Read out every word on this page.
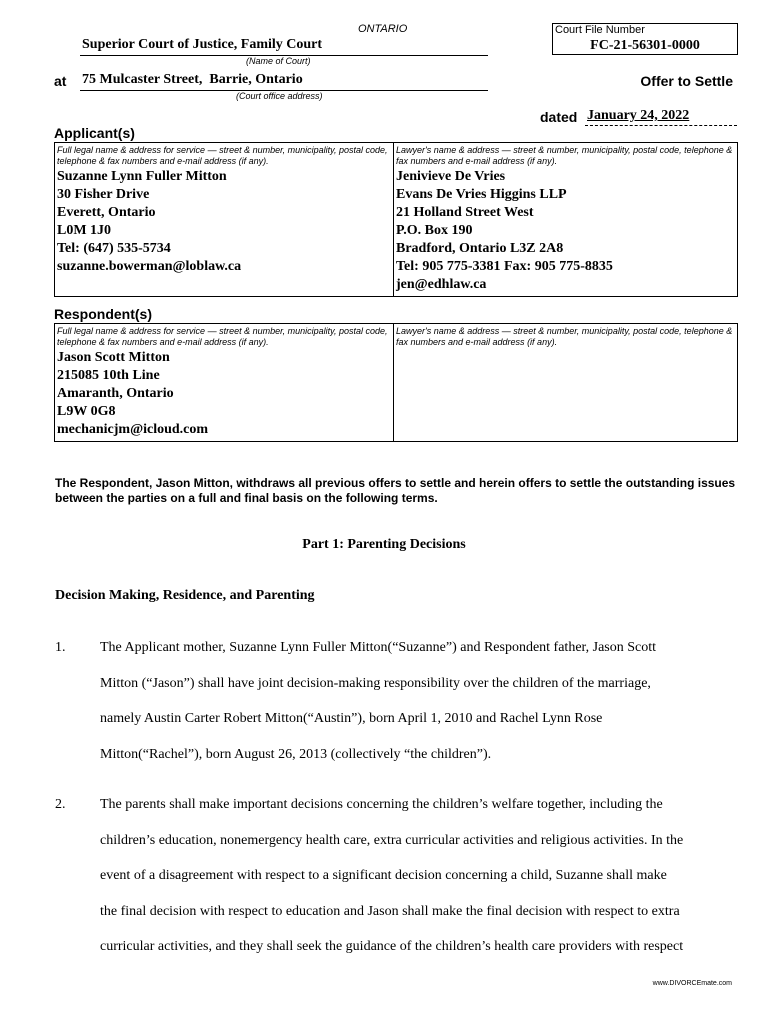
ONTARIO
Superior Court of Justice, Family Court
(Name of Court)
at 75 Mulcaster Street,  Barrie, Ontario
(Court office address)
Court File Number
FC-21-56301-0000
Offer to Settle
dated January 24, 2022
Applicant(s)
Full legal name & address for service — street & number, municipality, postal code, telephone & fax numbers and e-mail address (if any).
Suzanne Lynn Fuller Mitton
30 Fisher Drive
Everett, Ontario
L0M 1J0
Tel: (647) 535-5734
suzanne.bowerman@loblaw.ca
Lawyer's name & address — street & number, municipality, postal code, telephone & fax numbers and e-mail address (if any).
Jenivieve De Vries
Evans De Vries Higgins LLP
21 Holland Street West
P.O. Box 190
Bradford, Ontario L3Z 2A8
Tel: 905 775-3381 Fax: 905 775-8835
jen@edhlaw.ca
Respondent(s)
Full legal name & address for service — street & number, municipality, postal code, telephone & fax numbers and e-mail address (if any).
Jason Scott Mitton
215085 10th Line
Amaranth, Ontario
L9W 0G8
mechanicjm@icloud.com
Lawyer's name & address — street & number, municipality, postal code, telephone & fax numbers and e-mail address (if any).
The Respondent, Jason Mitton, withdraws all previous offers to settle and herein offers to settle the outstanding issues between the parties on a full and final basis on the following terms.
Part 1: Parenting Decisions
Decision Making, Residence, and Parenting
1. The Applicant mother, Suzanne Lynn Fuller Mitton(“Suzanne”) and Respondent father, Jason Scott
Mitton (“Jason”) shall have joint decision-making responsibility over the children of the marriage,
namely Austin Carter Robert Mitton(“Austin”), born April 1, 2010 and Rachel Lynn Rose
Mitton(“Rachel”), born August 26, 2013 (collectively “the children”).
2. The parents shall make important decisions concerning the children’s welfare together, including the
children’s education, nonemergency health care, extra curricular activities and religious activities. In the
event of a disagreement with respect to a significant decision concerning a child, Suzanne shall make
the final decision with respect to education and Jason shall make the final decision with respect to extra
curricular activities, and they shall seek the guidance of the children’s health care providers with respect
www.DIVORCEmate.com
